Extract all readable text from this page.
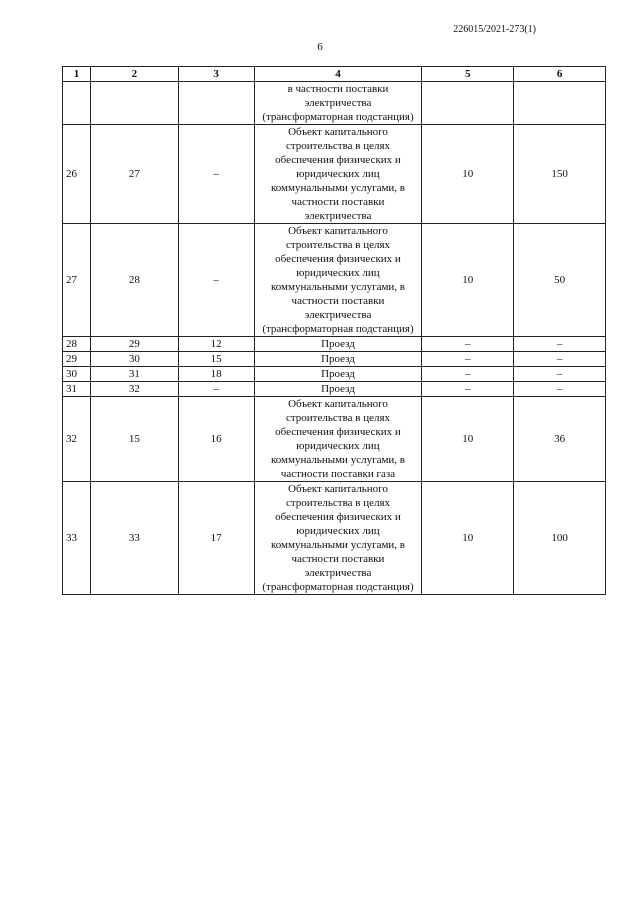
226015/2021-273(1)
6
1	2	3	4	5	6
			в частности поставки электричества (трансформаторная подстанция)		
26	27	–	Объект капитального строительства в целях обеспечения физических и юридических лиц коммунальными услугами, в частности поставки электричества	10	150
27	28	–	Объект капитального строительства в целях обеспечения физических и юридических лиц коммунальными услугами, в частности поставки электричества (трансформаторная подстанция)	10	50
28	29	12	Проезд	–	–
29	30	15	Проезд	–	–
30	31	18	Проезд	–	–
31	32	–	Проезд	–	–
32	15	16	Объект капитального строительства в целях обеспечения физических и юридических лиц коммунальными услугами, в частности поставки газа	10	36
33	33	17	Объект капитального строительства в целях обеспечения физических и юридических лиц коммунальными услугами, в частности поставки электричества (трансформаторная подстанция)	10	100
